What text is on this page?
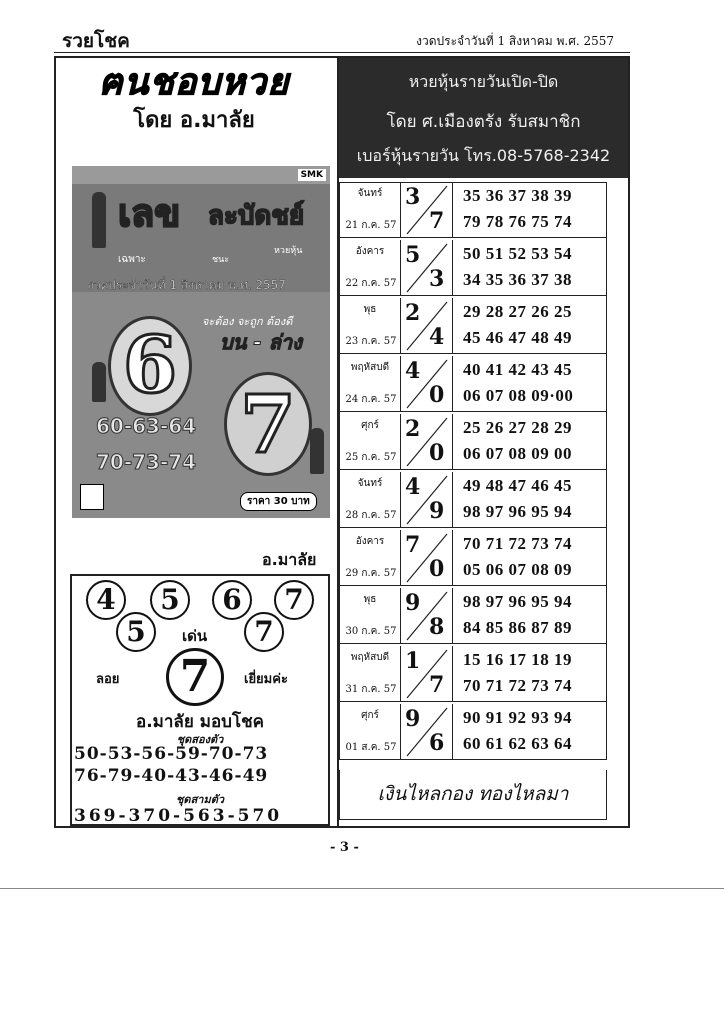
รวยโชค	งวดประจำวันที่ 1 สิงหาคม พ.ศ. 2557
ฅนชอบหวย
โดย อ.มาลัย
SMK
เลข ละบัดชย์
เฉพาะ	ชนะ
หวยหุ้น
งวดประจำวันที่ 1 สิงหาคม พ.ศ. 2557
จะต้อง จะถูก ต้องดี
บน - ล่าง
6
7
60-63-64
70-73-74
ราคา 30 บาท
อ.มาลัย
4	5	6	7
5	เด่น	7
ลอย	7	เยี่ยมค่ะ
อ.มาลัย มอบโชค
ชุดสองตัว
50-53-56-59-70-73
76-79-40-43-46-49
ชุดสามตัว
369-370-563-570
หวยหุ้นรายวันเปิด-ปิด
โดย ศ.เมืองตรัง รับสมาชิก
เบอร์หุ้นรายวัน โทร.08-5768-2342
จันทร์
21 ก.ค. 57
3
7
35 36 37 38 39
79 78 76 75 74
อังคาร
22 ก.ค. 57
5
3
50 51 52 53 54
34 35 36 37 38
พุธ
23 ก.ค. 57
2
4
29 28 27 26 25
45 46 47 48 49
พฤหัสบดี
24 ก.ค. 57
4
0
40 41 42 43 45
06 07 08 09·00
ศุกร์
25 ก.ค. 57
2
0
25 26 27 28 29
06 07 08 09 00
จันทร์
28 ก.ค. 57
4
9
49 48 47 46 45
98 97 96 95 94
อังคาร
29 ก.ค. 57
7
0
70 71 72 73 74
05 06 07 08 09
พุธ
30 ก.ค. 57
9
8
98 97 96 95 94
84 85 86 87 89
พฤหัสบดี
31 ก.ค. 57
1
7
15 16 17 18 19
70 71 72 73 74
ศุกร์
01 ส.ค. 57
9
6
90 91 92 93 94
60 61 62 63 64
เงินไหลกอง ทองไหลมา
- 3 -
